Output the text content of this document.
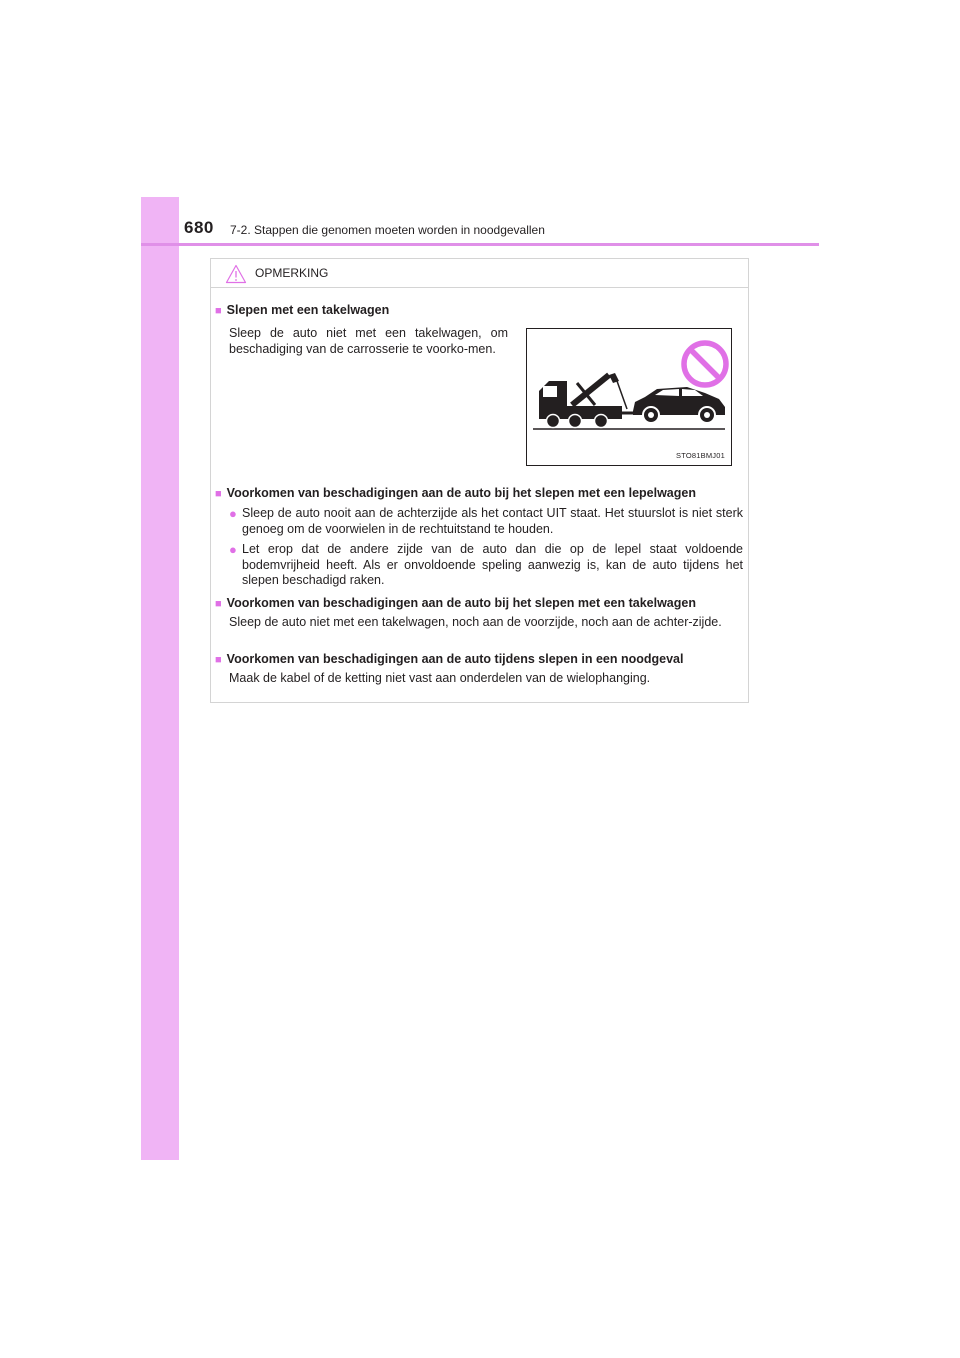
680 7-2. Stappen die genomen moeten worden in noodgevallen
OPMERKING
■ Slepen met een takelwagen
Sleep de auto niet met een takelwagen, om beschadiging van de carrosserie te voorko-men.
STO81BMJ01
■ Voorkomen van beschadigingen aan de auto bij het slepen met een lepelwagen
● Sleep de auto nooit aan de achterzijde als het contact UIT staat. Het stuurslot is niet sterk genoeg om de voorwielen in de rechtuitstand te houden.
● Let erop dat de andere zijde van de auto dan die op de lepel staat voldoende bodemvrijheid heeft. Als er onvoldoende speling aanwezig is, kan de auto tijdens het slepen beschadigd raken.
■ Voorkomen van beschadigingen aan de auto bij het slepen met een takelwagen
Sleep de auto niet met een takelwagen, noch aan de voorzijde, noch aan de achter-zijde.
■ Voorkomen van beschadigingen aan de auto tijdens slepen in een noodgeval
Maak de kabel of de ketting niet vast aan onderdelen van de wielophanging.
